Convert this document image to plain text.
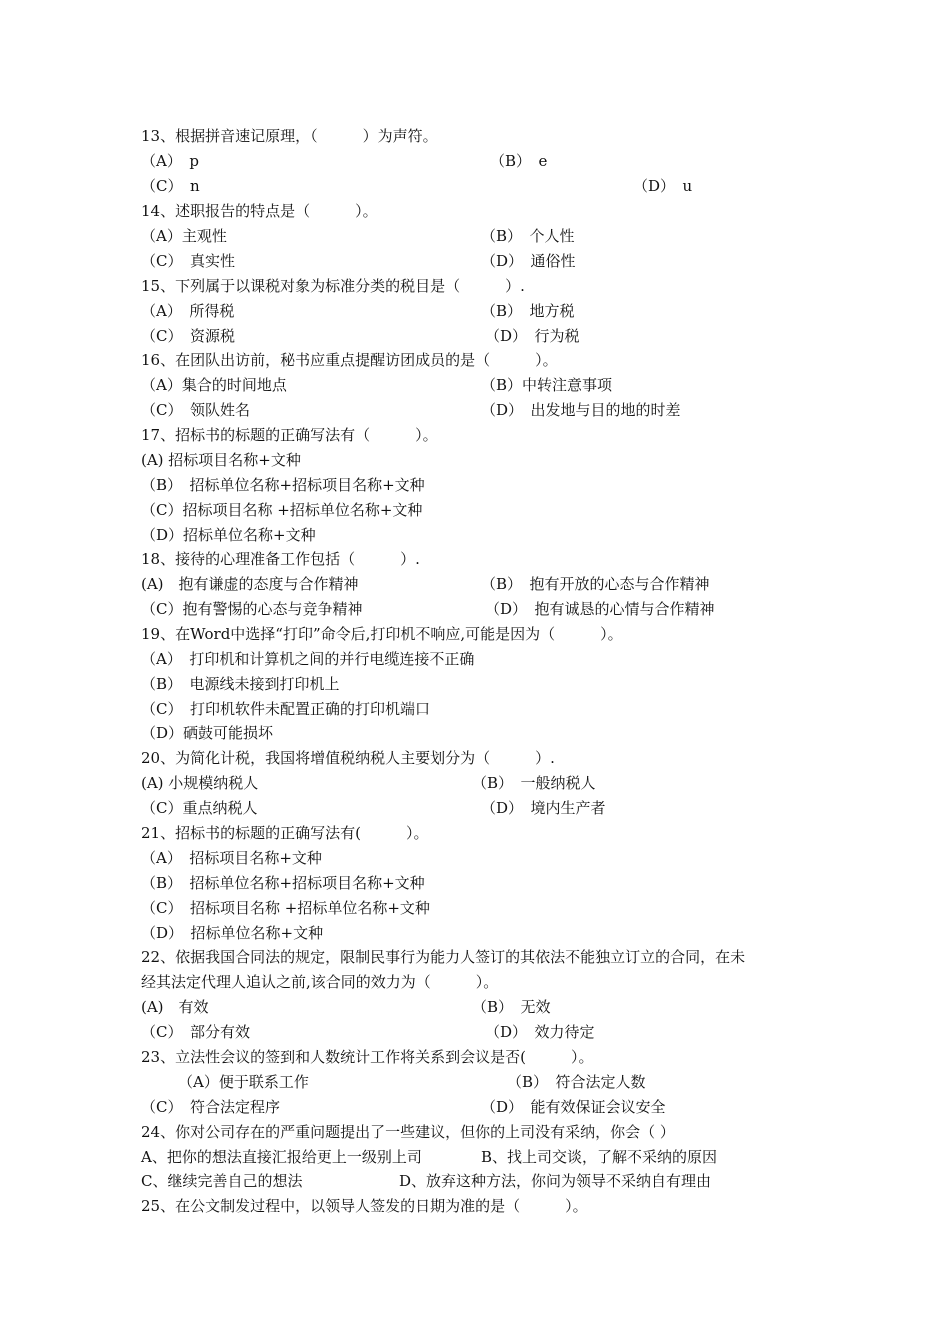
13、根据拼音速记原理，（　　　）为声符。
（A）　p	（B）　e
（C）　n	（D）　u
14、述职报告的特点是（　　　）。
（A）主观性	（B）　个人性
（C）　真实性	（D）　通俗性
15、下列属于以课税对象为标准分类的税目是（　　　）.
（A）　所得税	（B）　地方税
（C）　资源税	（D）　行为税
16、在团队出访前，秘书应重点提醒访团成员的是（　　　）。
（A）集合的时间地点	（B）中转注意事项
（C）　领队姓名	（D）　出发地与目的地的时差
17、招标书的标题的正确写法有（　　　）。
(A) 招标项目名称+文种
（B）　招标单位名称+招标项目名称+文种
（C）招标项目名称 +招标单位名称+文种
（D）招标单位名称+文种
18、接待的心理准备工作包括（　　　）.
(A)　抱有谦虚的态度与合作精神	（B）　抱有开放的心态与合作精神
（C）抱有警惕的心态与竞争精神	（D）　抱有诚恳的心情与合作精神
19、在Word中选择“打印”命令后,打印机不响应,可能是因为（　　　）。
（A）　打印机和计算机之间的并行电缆连接不正确
（B）　电源线未接到打印机上
（C）　打印机软件未配置正确的打印机端口
（D）硒鼓可能损坏
20、为简化计税，我国将增值税纳税人主要划分为（　　　）.
(A) 小规模纳税人	（B）　一般纳税人
（C）重点纳税人	（D）　境内生产者
21、招标书的标题的正确写法有(　　　）。
（A）　招标项目名称+文种
（B）　招标单位名称+招标项目名称+文种
（C）　招标项目名称 +招标单位名称+文种
（D）　招标单位名称+文种
22、依据我国合同法的规定，限制民事行为能力人签订的其依法不能独立订立的合同，在未
经其法定代理人追认之前,该合同的效力为（　　　）。
(A)　有效	（B）　无效
（C）　部分有效	（D）　效力待定
23、立法性会议的签到和人数统计工作将关系到会议是否(　　　）。
（A）便于联系工作	（B）　符合法定人数
（C）　符合法定程序	（D）　能有效保证会议安全
24、你对公司存在的严重问题提出了一些建议，但你的上司没有采纳，你会（ ）
A、把你的想法直接汇报给更上一级别上司	B、找上司交谈，了解不采纳的原因
C、继续完善自己的想法	D、放弃这种方法，你问为领导不采纳自有理由
25、在公文制发过程中，以领导人签发的日期为准的是（　　　）。
